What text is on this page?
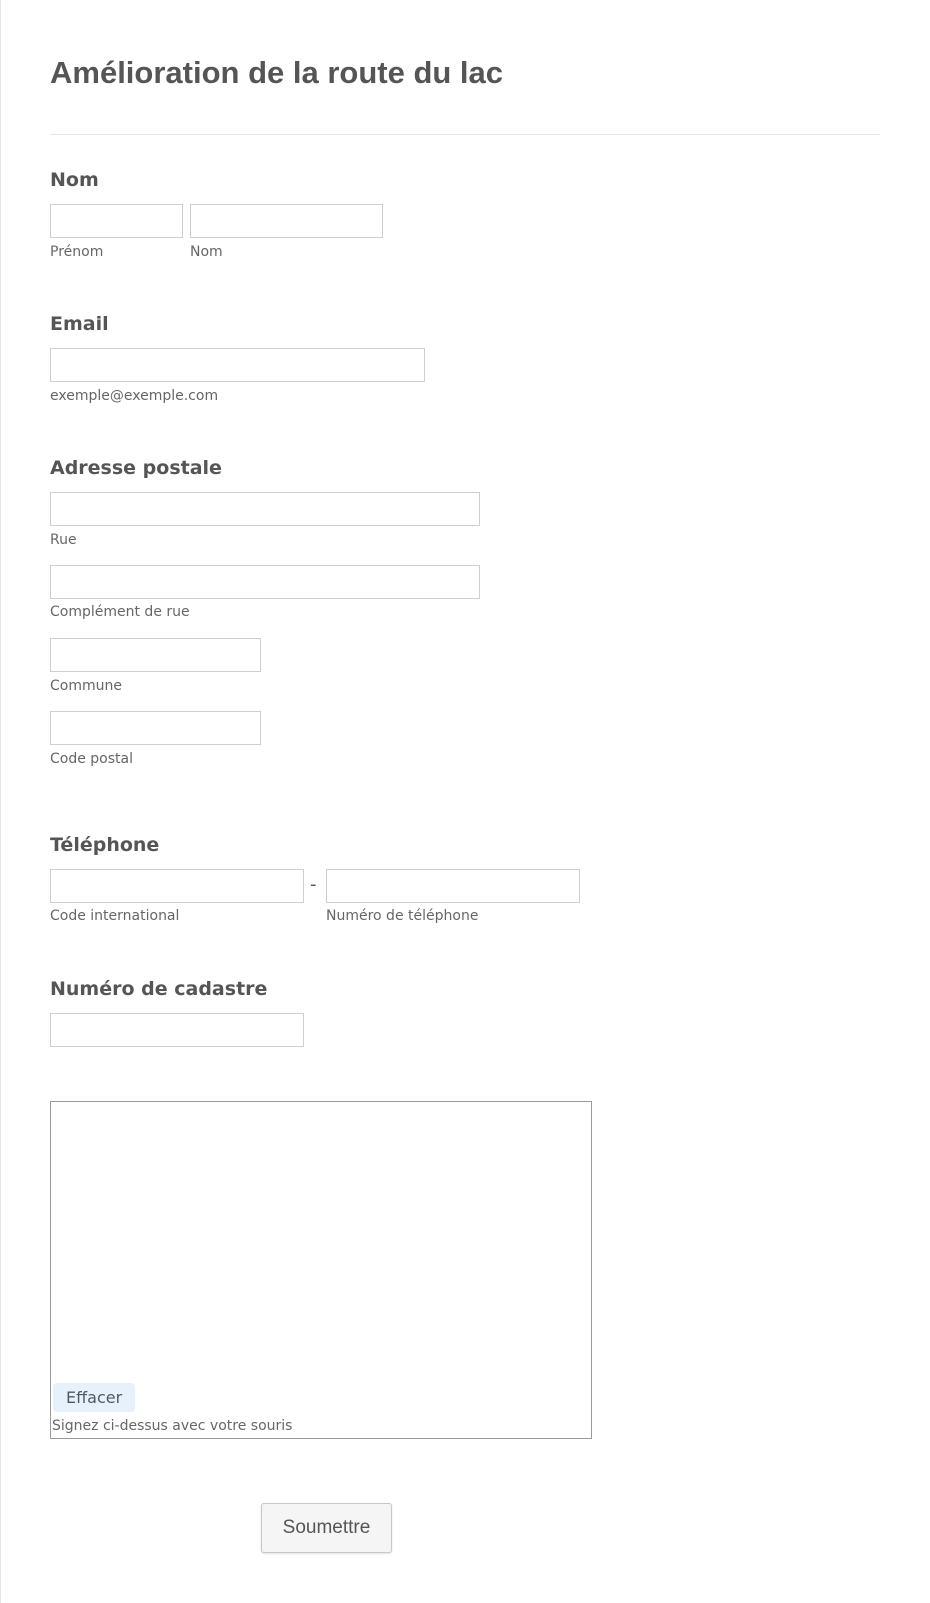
Amélioration de la route du lac
Nom
Prénom	Nom
Email
exemple@exemple.com
Adresse postale
Rue
Complément de rue
Commune
Code postal
Téléphone
-
Code international	Numéro de téléphone
Numéro de cadastre
Effacer
Signez ci-dessus avec votre souris
Soumettre
